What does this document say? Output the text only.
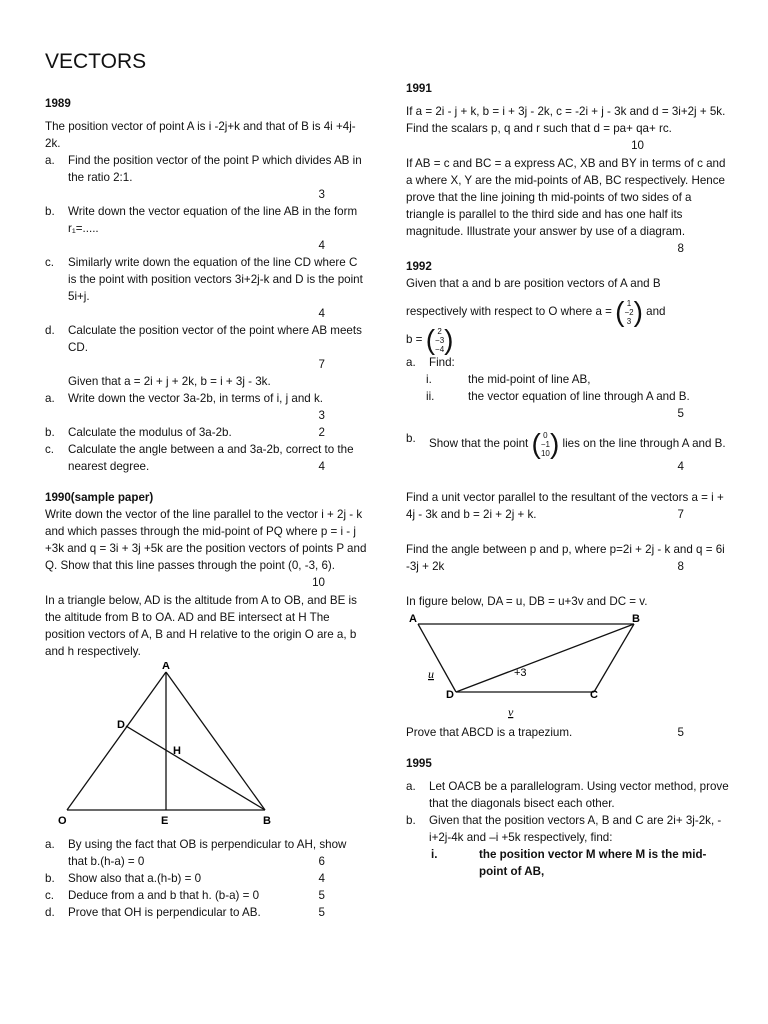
VECTORS

1989

The position vector of point A is i -2j+k and that of B is 4i +4j-2k.

a.	Find the position vector of the point P which divides AB in the ratio 2:1.
3
b.	Write down the vector equation of the line AB in the form r₁=.....
4
c.	Similarly write down the equation of the line CD where C is the point with position vectors 3i+2j-k and D is the point 5i+j.
4
d.	Calculate the position vector of the point where AB meets CD.
7
Given that a = 2i + j + 2k, b = i + 3j - 3k.
a.	Write down the vector 3a-2b, in terms of i, j and k.
3
b.	Calculate the modulus of 3a-2b.	2
c.	Calculate the angle between a and 3a-2b, correct to the nearest degree.	4

1990(sample paper)

Write down the vector of the line parallel to the vector i + 2j - k and which passes through the mid-point of PQ where p = i - j +3k and q = 3i + 3j +5k are the position vectors of points P and Q. Show that this line passes through the point (0, -3, 6).
10

In a triangle below, AD is the altitude from A to OB, and BE is the altitude from B to OA. AD and BE intersect at H The position vectors of A, B and H relative to the origin O are a, b and h respectively.

A
D
H
O	E	B
a.	By using the fact that OB is perpendicular to AH, show that b.(h-a) = 0	6
b.	Show also that a.(h-b) = 0	4
c.	Deduce from a and b that h. (b-a) = 0	5
d.	Prove that OH is perpendicular to AB.	5

1991

If a = 2i - j + k, b = i + 3j - 2k, c = -2i + j - 3k and d = 3i+2j + 5k. Find the scalars p, q and r such that d = pa+ qa+ rc.
10

If AB = c and BC = a express AC, XB and BY in terms of c and a where X, Y are the mid-points of AB, BC respectively. Hence prove that the line joining th mid-points of two sides of a triangle is parallel to the third side and has one half its magnitude. Illustrate your answer by use of a diagram.
8

1992

Given that a and b are position vectors of A and B

respectively with respect to O where a = ( 1
−2
3 ) and

b = ( 2
−3
−4 )

a.	Find:
i.	the mid-point of line AB,
ii.	the vector equation of line through A and B.
5
b.	Show that the point ( 0
−1
10 ) lies on the line through A and B.
4

Find a unit vector parallel to the resultant of the vectors a = i + 4j - 3k and b = 2i + 2j + k.	7

Find the angle between p and p, where p=2i + 2j - k and q = 6i -3j + 2k	8

In figure below, DA = u, DB = u+3v and DC = v.

A	B
D	C
u	+3
v

Prove that ABCD is a trapezium.	5

1995

a.	Let OACB be a parallelogram. Using vector method, prove that the diagonals bisect each other.
b.	Given that the position vectors A, B and C are 2i+ 3j-2k, -i+2j-4k and –i +5k respectively, find:
i.	the position vector M where M is the mid-point of AB,
